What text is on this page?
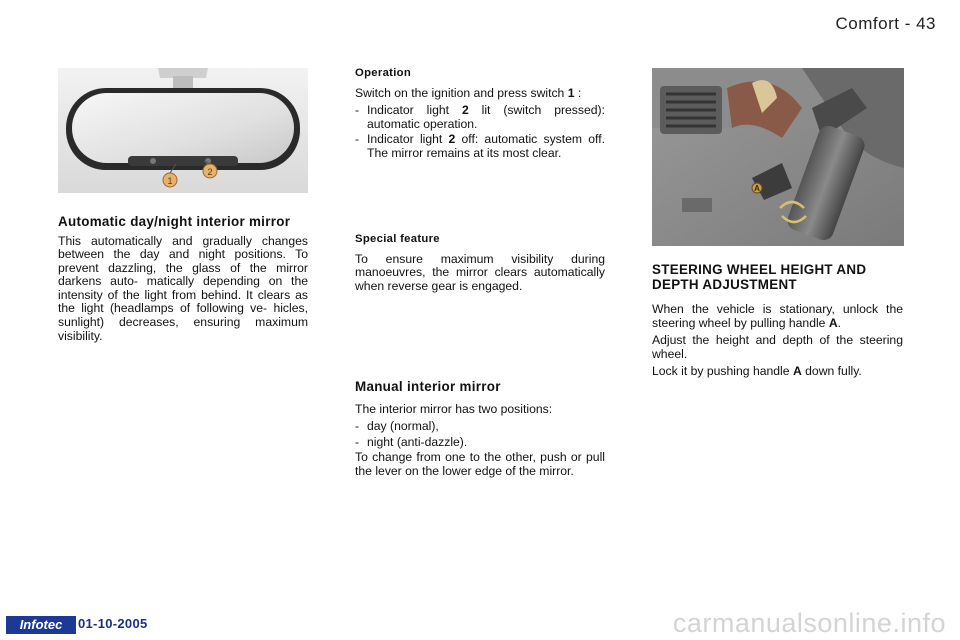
Comfort - 43
1
2
Automatic day/night interior mirror

This automatically and gradually changes between the day and night positions. To prevent dazzling, the glass of the mirror darkens auto- matically depending on the intensity of the light from behind. It clears as the light (headlamps of following ve- hicles, sunlight) decreases, ensuring maximum visibility.

Operation

Switch on the ignition and press switch 1 :

- Indicator light 2 lit (switch pressed): automatic operation.
- Indicator light 2 off: automatic system off. The mirror remains at its most clear.
Special feature

To ensure maximum visibility during manoeuvres, the mirror clears automatically when reverse gear is engaged.

Manual interior mirror

The interior mirror has two positions:

- day (normal),
- night (anti-dazzle).

To change from one to the other, push or pull the lever on the lower edge of the mirror.

A
STEERING WHEEL HEIGHT AND DEPTH ADJUSTMENT

When the vehicle is stationary, unlock the steering wheel by pulling handle A.

Adjust the height and depth of the steering wheel.

Lock it by pushing handle A down fully.

Infotec	01-10-2005	carmanualsonline.info
